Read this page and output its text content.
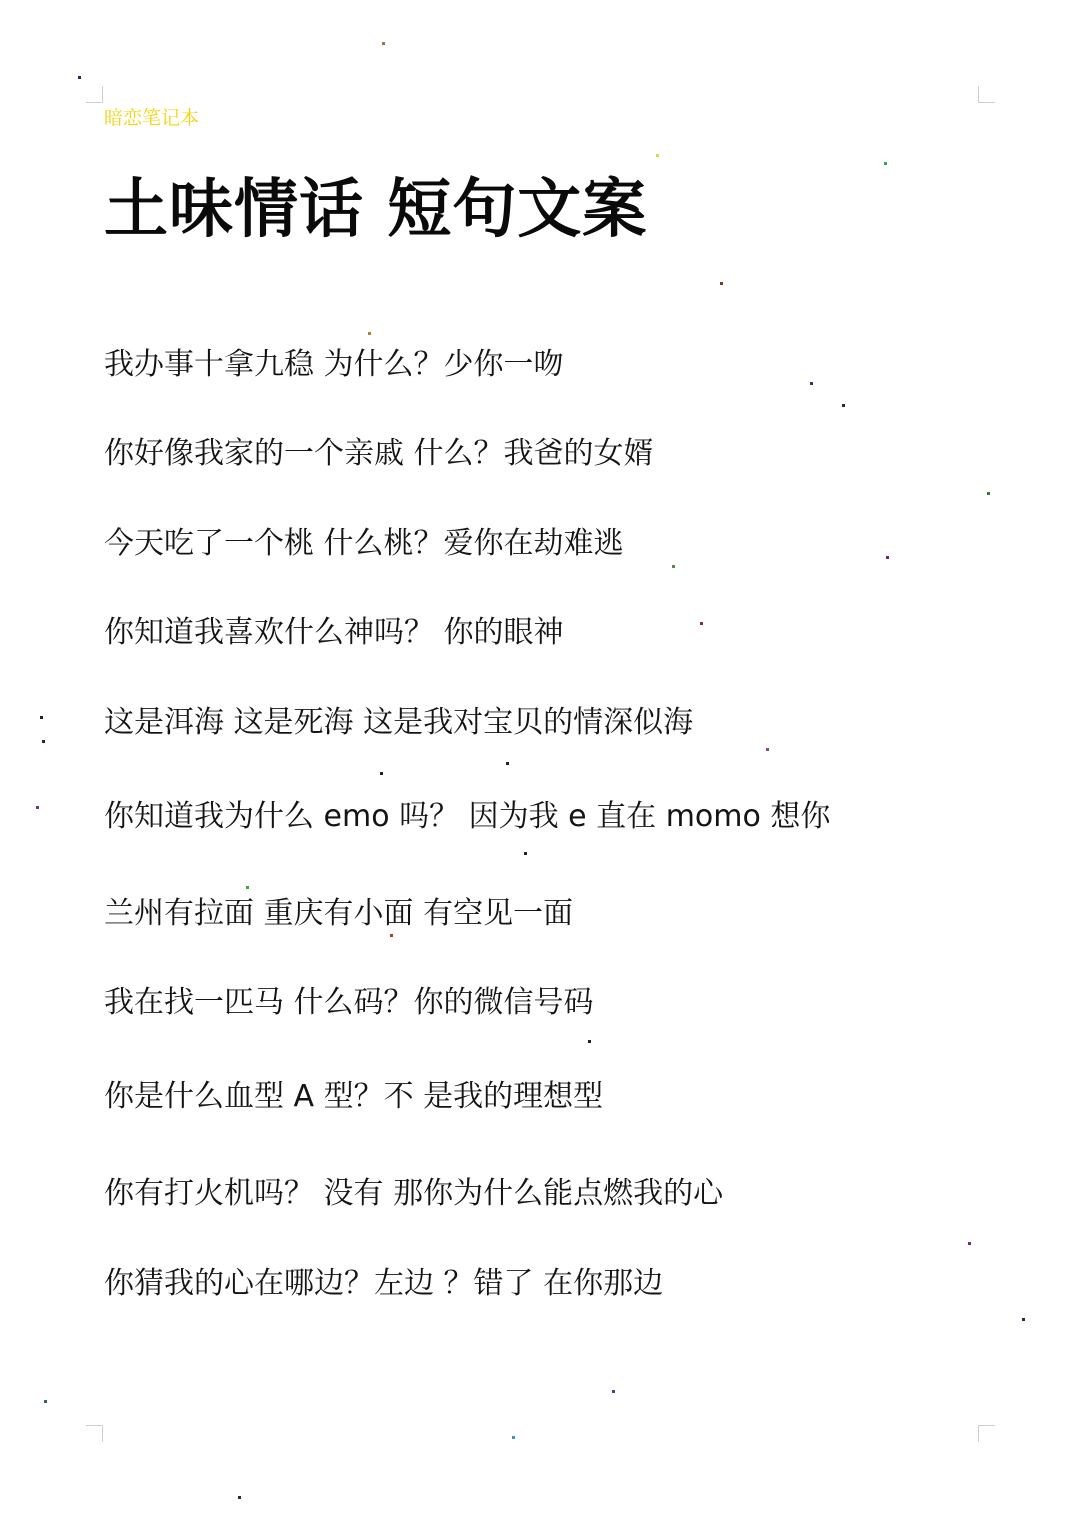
暗恋笔记本
土味情话 短句文案
我办事十拿九稳 为什么？少你一吻
你好像我家的一个亲戚 什么？我爸的女婿
今天吃了一个桃 什么桃？爱你在劫难逃
你知道我喜欢什么神吗？ 你的眼神
这是洱海 这是死海 这是我对宝贝的情深似海
你知道我为什么 emo 吗？ 因为我 e 直在 momo 想你
兰州有拉面 重庆有小面 有空见一面
我在找一匹马 什么码？你的微信号码
你是什么血型 A 型？不 是我的理想型
你有打火机吗？ 没有 那你为什么能点燃我的心
你猜我的心在哪边？左边 ？错了 在你那边
